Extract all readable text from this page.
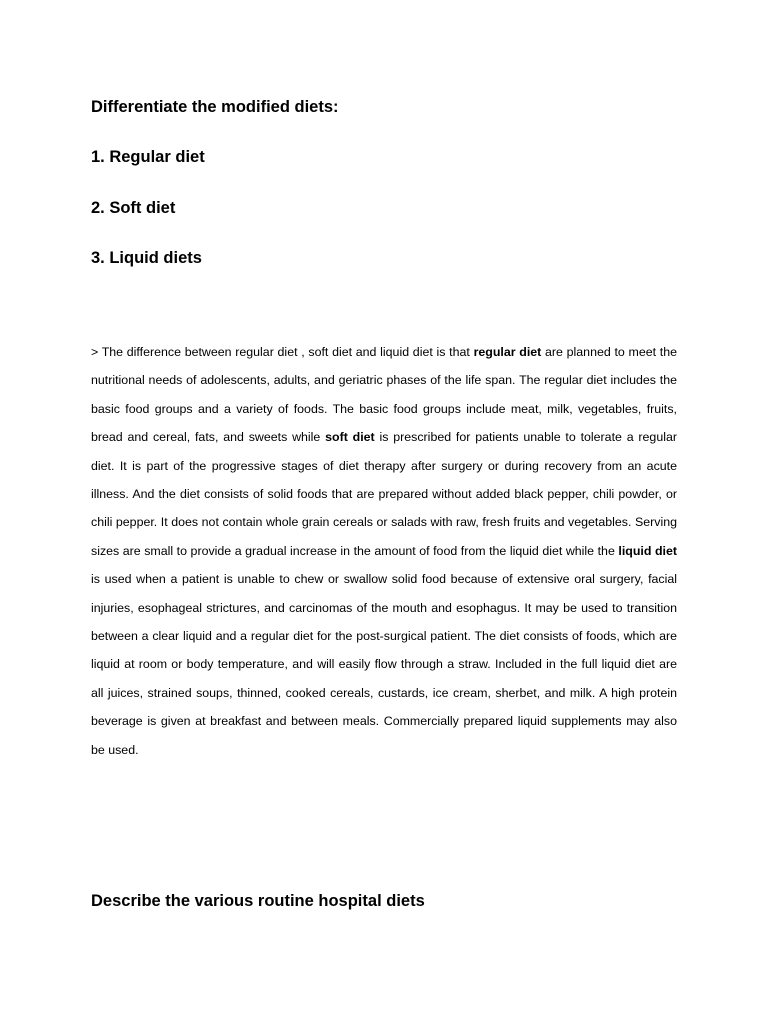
Differentiate the modified diets:
1. Regular diet
2. Soft diet
3. Liquid diets

> The difference between regular diet , soft diet and liquid diet is that regular diet are planned to meet the nutritional needs of adolescents, adults, and geriatric phases of the life span. The regular diet includes the basic food groups and a variety of foods. The basic food groups include meat, milk, vegetables, fruits, bread and cereal, fats, and sweets while soft diet is prescribed for patients unable to tolerate a regular diet. It is part of the progressive stages of diet therapy after surgery or during recovery from an acute illness. And the diet consists of solid foods that are prepared without added black pepper, chili powder, or chili pepper. It does not contain whole grain cereals or salads with raw, fresh fruits and vegetables. Serving sizes are small to provide a gradual increase in the amount of food from the liquid diet while the liquid diet is used when a patient is unable to chew or swallow solid food because of extensive oral surgery, facial injuries, esophageal strictures, and carcinomas of the mouth and esophagus. It may be used to transition between a clear liquid and a regular diet for the post-surgical patient. The diet consists of foods, which are liquid at room or body temperature, and will easily flow through a straw. Included in the full liquid diet are all juices, strained soups, thinned, cooked cereals, custards, ice cream, sherbet, and milk. A high protein beverage is given at breakfast and between meals. Commercially prepared liquid supplements may also be used.

Describe the various routine hospital diets
